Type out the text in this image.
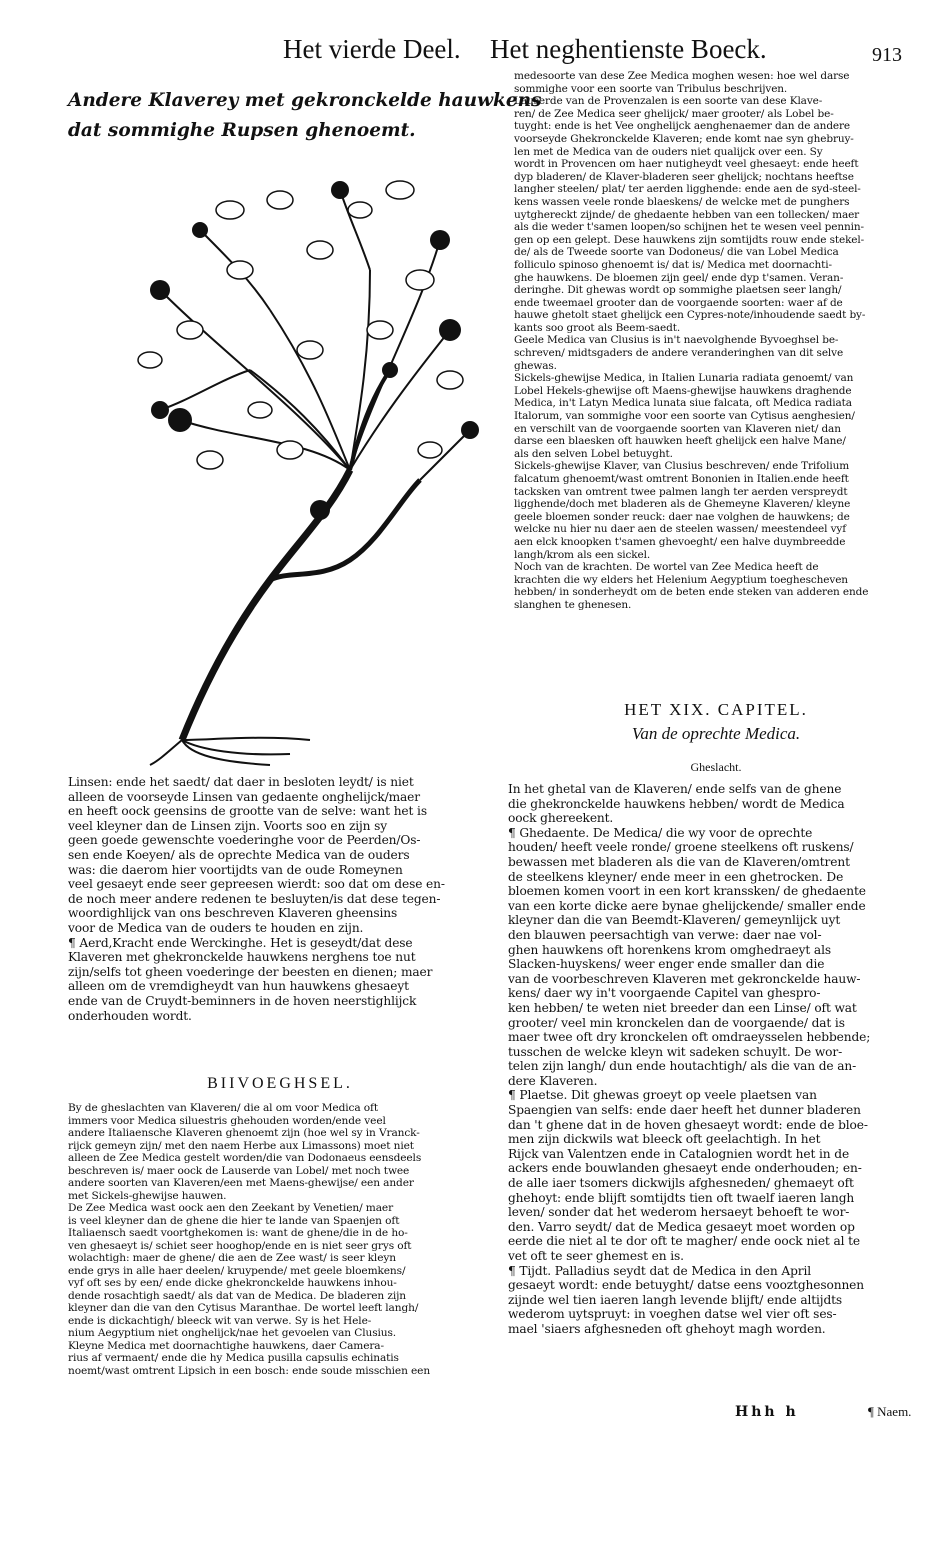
Het vierde Deel. Het neghentienste Boeck.	913
Andere Klaverey met gekronckelde hauwkens
dat sommighe Rupsen ghenoemt.

medesoorte van dese Zee Medica moghen wesen: hoe wel darse

sommighe voor een soorte van Tribulus beschrijven.

Lauserde van de Provenzalen is een soorte van dese Klave-

ren/ de Zee Medica seer ghelijck/ maer grooter/ als Lobel be-

tuyght: ende is het Vee onghelijck aenghenaemer dan de andere

voorseyde Ghekronckelde Klaveren; ende komt nae syn ghebruy-

len met de Medica van de ouders niet qualijck over een. Sy

wordt in Provencen om haer nutigheydt veel ghesaeyt: ende heeft

dyp bladeren/ de Klaver-bladeren seer ghelijck; nochtans heeftse

langher steelen/ plat/ ter aerden ligghende: ende aen de syd-steel-

kens wassen veele ronde blaeskens/ de welcke met de punghers

uytghereckt zijnde/ de ghedaente hebben van een tollecken/ maer

als die weder t'samen loopen/so schijnen het te wesen veel pennin-

gen op een gelept. Dese hauwkens zijn somtijdts rouw ende stekel-

de/ als de Tweede soorte van Dodoneus/ die van Lobel Medica

folliculo spinoso ghenoemt is/ dat is/ Medica met doornachti-

ghe hauwkens. De bloemen zijn geel/ ende dyp t'samen. Veran-

deringhe. Dit ghewas wordt op sommighe plaetsen seer langh/

ende tweemael grooter dan de voorgaende soorten: waer af de

hauwe ghetolt staet ghelijck een Cypres-note/inhoudende saedt by-

kants soo groot als Beem-saedt.

Geele Medica van Clusius is in't naevolghende Byvoeghsel be-

schreven/ midtsgaders de andere veranderinghen van dit selve

ghewas.

Sickels-ghewijse Medica, in Italien Lunaria radiata genoemt/ van

Lobel Hekels-ghewijse oft Maens-ghewijse hauwkens draghende

Medica, in't Latyn Medica lunata siue falcata, oft Medica radiata

Italorum, van sommighe voor een soorte van Cytisus aenghesien/

en verschilt van de voorgaende soorten van Klaveren niet/ dan

darse een blaesken oft hauwken heeft ghelijck een halve Mane/

als den selven Lobel betuyght.

Sickels-ghewijse Klaver, van Clusius beschreven/ ende Trifolium

falcatum ghenoemt/wast omtrent Bononien in Italien.ende heeft

tacksken van omtrent twee palmen langh ter aerden verspreydt

ligghende/doch met bladeren als de Ghemeyne Klaveren/ kleyne

geele bloemen sonder reuck: daer nae volghen de hauwkens; de

welcke nu hier nu daer aen de steelen wassen/ meestendeel vyf

aen elck knoopken t'samen ghevoeght/ een halve duymbreedde

langh/krom als een sickel.

Noch van de krachten. De wortel van Zee Medica heeft de

krachten die wy elders het Helenium Aegyptium toeghescheven

hebben/ in sonderheydt om de beten ende steken van adderen ende

slanghen te ghenesen.

HET XIX. CAPITEL.
Van de oprechte Medica.
Gheslacht.

In het ghetal van de Klaveren/ ende selfs van de ghene

die ghekronckelde hauwkens hebben/ wordt de Medica

oock ghereekent.

¶ Ghedaente. De Medica/ die wy voor de oprechte

houden/ heeft veele ronde/ groene steelkens oft ruskens/

bewassen met bladeren als die van de Klaveren/omtrent

de steelkens kleyner/ ende meer in een ghetrocken. De

bloemen komen voort in een kort kranssken/ de ghedaente

van een korte dicke aere bynae ghelijckende/ smaller ende

kleyner dan die van Beemdt-Klaveren/ gemeynlijck uyt

den blauwen peersachtigh van verwe: daer nae vol-

ghen hauwkens oft horenkens krom omghedraeyt als

Slacken-huyskens/ weer enger ende smaller dan die

van de voorbeschreven Klaveren met gekronckelde hauw-

kens/ daer wy in't voorgaende Capitel van ghespro-

ken hebben/ te weten niet breeder dan een Linse/ oft wat

grooter/ veel min kronckelen dan de voorgaende/ dat is

maer twee oft dry kronckelen oft omdraeysselen hebbende;

tusschen de welcke kleyn wit sadeken schuylt. De wor-

telen zijn langh/ dun ende houtachtigh/ als die van de an-

dere Klaveren.

¶ Plaetse. Dit ghewas groeyt op veele plaetsen van

Spaengien van selfs: ende daer heeft het dunner bladeren

dan 't ghene dat in de hoven ghesaeyt wordt: ende de bloe-

men zijn dickwils wat bleeck oft geelachtigh. In het

Rijck van Valentzen ende in Catalognien wordt het in de

ackers ende bouwlanden ghesaeyt ende onderhouden; en-

de alle iaer tsomers dickwijls afghesneden/ ghemaeyt oft

ghehoyt: ende blijft somtijdts tien oft twaelf iaeren langh

leven/ sonder dat het wederom hersaeyt behoeft te wor-

den. Varro seydt/ dat de Medica gesaeyt moet worden op

eerde die niet al te dor oft te magher/ ende oock niet al te

vet oft te seer ghemest en is.

¶ Tijdt. Palladius seydt dat de Medica in den April

gesaeyt wordt: ende betuyght/ datse eens vooztghesonnen

zijnde wel tien iaeren langh levende blijft/ ende altijdts

wederom uytspruyt: in voeghen datse wel vier oft ses-

mael 'siaers afghesneden oft ghehoyt magh worden.

Linsen: ende het saedt/ dat daer in besloten leydt/ is niet

alleen de voorseyde Linsen van gedaente onghelijck/maer

en heeft oock geensins de grootte van de selve: want het is

veel kleyner dan de Linsen zijn. Voorts soo en zijn sy

geen goede gewenschte voederinghe voor de Peerden/Os-

sen ende Koeyen/ als de oprechte Medica van de ouders

was: die daerom hier voortijdts van de oude Romeynen

veel gesaeyt ende seer gepreesen wierdt: soo dat om dese en-

de noch meer andere redenen te besluyten/is dat dese tegen-

woordighlijck van ons beschreven Klaveren gheensins

voor de Medica van de ouders te houden en zijn.

¶ Aerd,Kracht ende Werckinghe. Het is geseydt/dat dese

Klaveren met ghekronckelde hauwkens nerghens toe nut

zijn/selfs tot gheen voederinge der beesten en dienen; maer

alleen om de vremdigheydt van hun hauwkens ghesaeyt

ende van de Cruydt-beminners in de hoven neerstighlijck

onderhouden wordt.

BIIVOEGHSEL.

By de gheslachten van Klaveren/ die al om voor Medica oft

immers voor Medica siluestris ghehouden worden/ende veel

andere Italiaensche Klaveren ghenoemt zijn (hoe wel sy in Vranck-

rijck gemeyn zijn/ met den naem Herbe aux Limassons) moet niet

alleen de Zee Medica gestelt worden/die van Dodonaeus eensdeels

beschreven is/ maer oock de Lauserde van Lobel/ met noch twee

andere soorten van Klaveren/een met Maens-ghewijse/ een ander

met Sickels-ghewijse hauwen.

De Zee Medica wast oock aen den Zeekant by Venetien/ maer

is veel kleyner dan de ghene die hier te lande van Spaenjen oft

Italiaensch saedt voortghekomen is: want de ghene/die in de ho-

ven ghesaeyt is/ schiet seer hooghop/ende en is niet seer grys oft

wolachtigh: maer de ghene/ die aen de Zee wast/ is seer kleyn

ende grys in alle haer deelen/ kruypende/ met geele bloemkens/

vyf oft ses by een/ ende dicke ghekronckelde hauwkens inhou-

dende rosachtigh saedt/ als dat van de Medica. De bladeren zijn

kleyner dan die van den Cytisus Maranthae. De wortel leeft langh/

ende is dickachtigh/ bleeck wit van verwe. Sy is het Hele-

nium Aegyptium niet onghelijck/nae het gevoelen van Clusius.

Kleyne Medica met doornachtighe hauwkens, daer Camera-

rius af vermaent/ ende die hy Medica pusilla capsulis echinatis

noemt/wast omtrent Lipsich in een bosch: ende soude misschien een

Hhh h	¶ Naem.
